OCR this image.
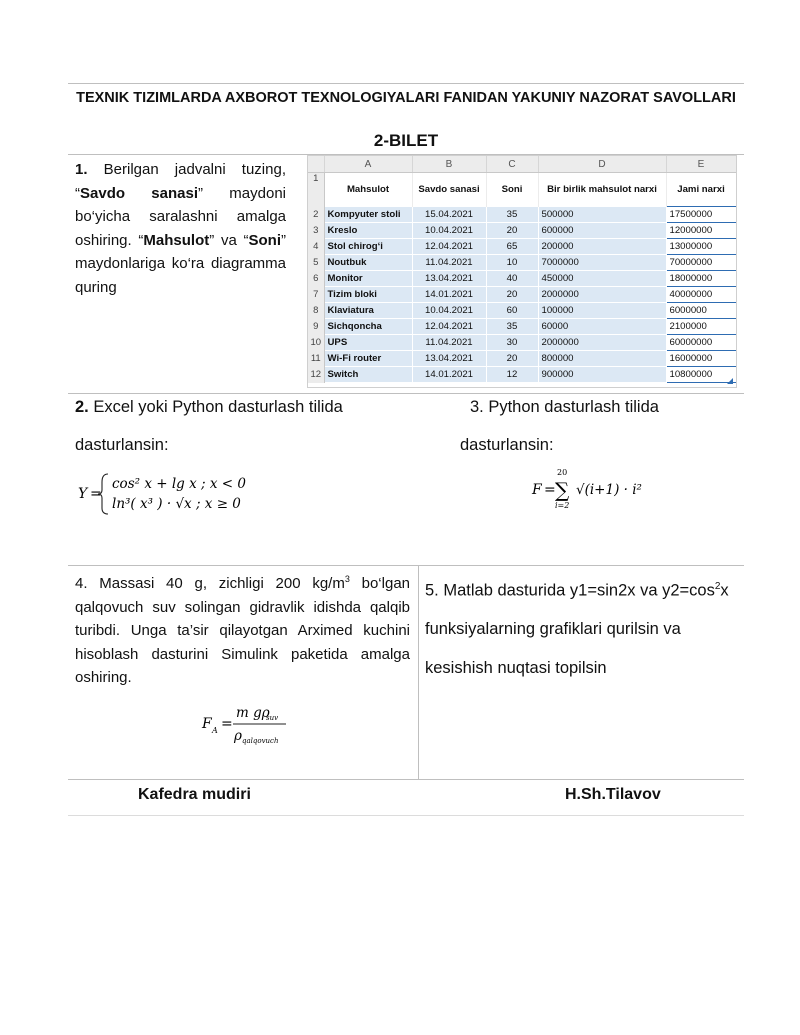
TEXNIK TIZIMLARDA AXBOROT TEXNOLOGIYALARI FANIDAN YAKUNIY NAZORAT SAVOLLARI
2-BILET
1. Berilgan jadvalni tuzing, “Savdo sanasi” maydoni bo‘yicha saralashni amalga oshiring. “Mahsulot” va “Soni” maydonlariga ko‘ra diagramma quring
	A	B	C	D	E
1	Mahsulot	Savdo sanasi	Soni	Bir birlik mahsulot narxi	Jami narxi
2	Kompyuter stoli	15.04.2021	35	500000	17500000
3	Kreslo	10.04.2021	20	600000	12000000
4	Stol chirog‘i	12.04.2021	65	200000	13000000
5	Noutbuk	11.04.2021	10	7000000	70000000
6	Monitor	13.04.2021	40	450000	18000000
7	Tizim bloki	14.01.2021	20	2000000	40000000
8	Klaviatura	10.04.2021	60	100000	6000000
9	Sichqoncha	12.04.2021	35	60000	2100000
10	UPS	11.04.2021	30	2000000	60000000
11	Wi-Fi router	13.04.2021	20	800000	16000000
12	Switch	14.01.2021	12	900000	10800000
2. Excel yoki Python dasturlash tilida
dasturlansin:
Y =
cos² x + lg x ; x < 0
ln³( x³ ) · √x ; x ≥ 0
3. Python dasturlash tilida
dasturlansin:
F =
20
∑
i=2
√(i+1) · i²
4. Massasi 40 g, zichligi 200 $kg/m^3$ bo‘lgan qalqovuch suv solingan gidravlik idishda qalqib turibdi. Unga ta’sir qilayotgan Arximed kuchini hisoblash dasturini Simulink paketida amalga oshiring.
F A =
m gρ
suv
ρ qalqovuch
5. Matlab dasturida y1=sin2x va $y2=\cos^2x$ funksiyalarning grafiklari qurilsin va kesishish nuqtasi topilsin
Kafedra mudiri	H.Sh.Tilavov
